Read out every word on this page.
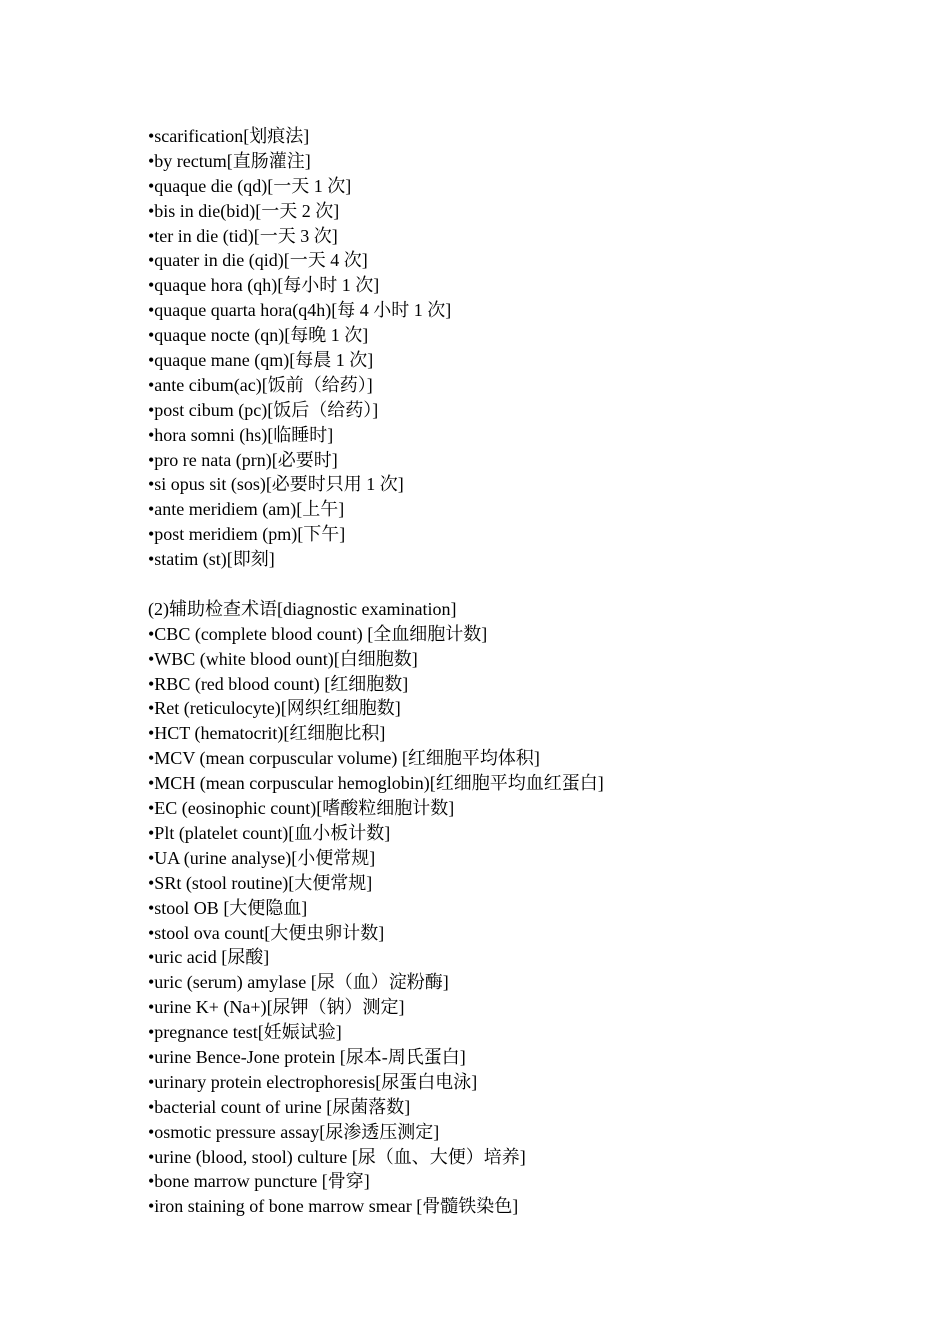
•scarification[划痕法]
•by rectum[直肠灌注]
•quaque die (qd)[一天 1 次]
•bis in die(bid)[一天 2 次]
•ter in die (tid)[一天 3 次]
•quater in die (qid)[一天 4 次]
•quaque hora (qh)[每小时 1 次]
•quaque quarta hora(q4h)[每 4 小时 1 次]
•quaque nocte (qn)[每晚 1 次]
•quaque mane (qm)[每晨 1 次]
•ante cibum(ac)[饭前（给药）]
•post cibum (pc)[饭后（给药）]
•hora somni (hs)[临睡时]
•pro re nata (prn)[必要时]
•si opus sit (sos)[必要时只用 1 次]
•ante meridiem (am)[上午]
•post meridiem (pm)[下午]
•statim (st)[即刻]
(2)辅助检查术语[diagnostic examination]
•CBC (complete blood count) [全血细胞计数]
•WBC (white blood ount)[白细胞数]
•RBC (red blood count) [红细胞数]
•Ret (reticulocyte)[网织红细胞数]
•HCT (hematocrit)[红细胞比积]
•MCV (mean corpuscular volume) [红细胞平均体积]
•MCH (mean corpuscular hemoglobin)[红细胞平均血红蛋白]
•EC (eosinophic count)[嗜酸粒细胞计数]
•Plt (platelet count)[血小板计数]
•UA (urine analyse)[小便常规]
•SRt (stool routine)[大便常规]
•stool OB [大便隐血]
•stool ova count[大便虫卵计数]
•uric acid [尿酸]
•uric (serum) amylase [尿（血）淀粉酶]
•urine K+ (Na+)[尿钾（钠）测定]
•pregnance test[妊娠试验]
•urine Bence-Jone protein [尿本-周氏蛋白]
•urinary protein electrophoresis[尿蛋白电泳]
•bacterial count of urine [尿菌落数]
•osmotic pressure assay[尿渗透压测定]
•urine (blood, stool) culture [尿（血、大便）培养]
•bone marrow puncture [骨穿]
•iron staining of bone marrow smear [骨髓铁染色]
